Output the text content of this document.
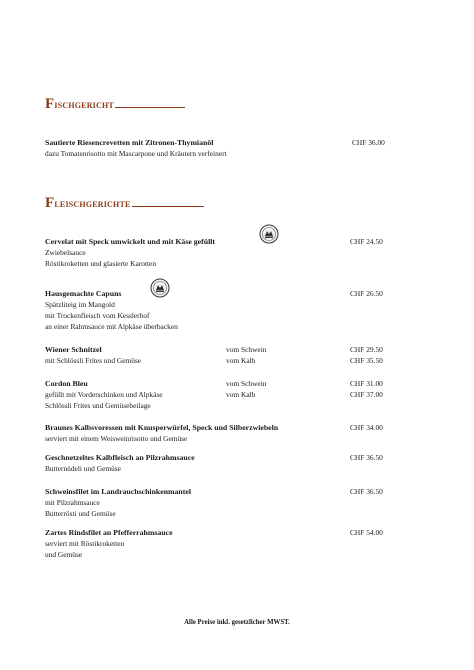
Fischgericht
Sautierte Riesencrevetten mit Zitronen-Thymianöl
dazu Tomatenrisotto mit Mascarpone und Kräutern verfeinert
CHF 36.00
Fleischgerichte
Cervelat mit Speck umwickelt und mit Käse gefüllt
Zwiebelsauce
Röstikroketten und glasierte Karotten
CHF 24.50
Hausgemachte Capuns
Spätzliteig im Mangold
mit Trockenfleisch vom Kesslerhof
an einer Rahmsauce mit Alpkäse überbacken
CHF 26.50
Wiener Schnitzel
mit Schlössli Frites und Gemüse
vom Schwein
vom Kalb
CHF 29.50
CHF 35.50
Cordon Bleu
gefüllt mit Vorderschinken und Alpkäse
Schlössli Frites und Gemüsebeilage
vom Schwein
vom Kalb
CHF 31.00
CHF 37.00
Braunes Kalbsvoressen mit Knusperwürfel, Speck und Silberzwiebeln
serviert mit einem Weisweinrisotto und Gemüse
CHF 34.00
Geschnetzeltes Kalbfleisch an Pilzrahmsauce
Butternüdeli und Gemüse
CHF 36.50
Schweinsfilet im Landrauchschinkenmantel
mit Pilzrahmsauce
Butterrösti und Gemüse
CHF 36.50
Zartes Rindsfilet an Pfefferrahmsauce
serviert mit Röstikroketten
und Gemüse
CHF 54.00
Alle Preise inkl. gesetzlicher MWST.
